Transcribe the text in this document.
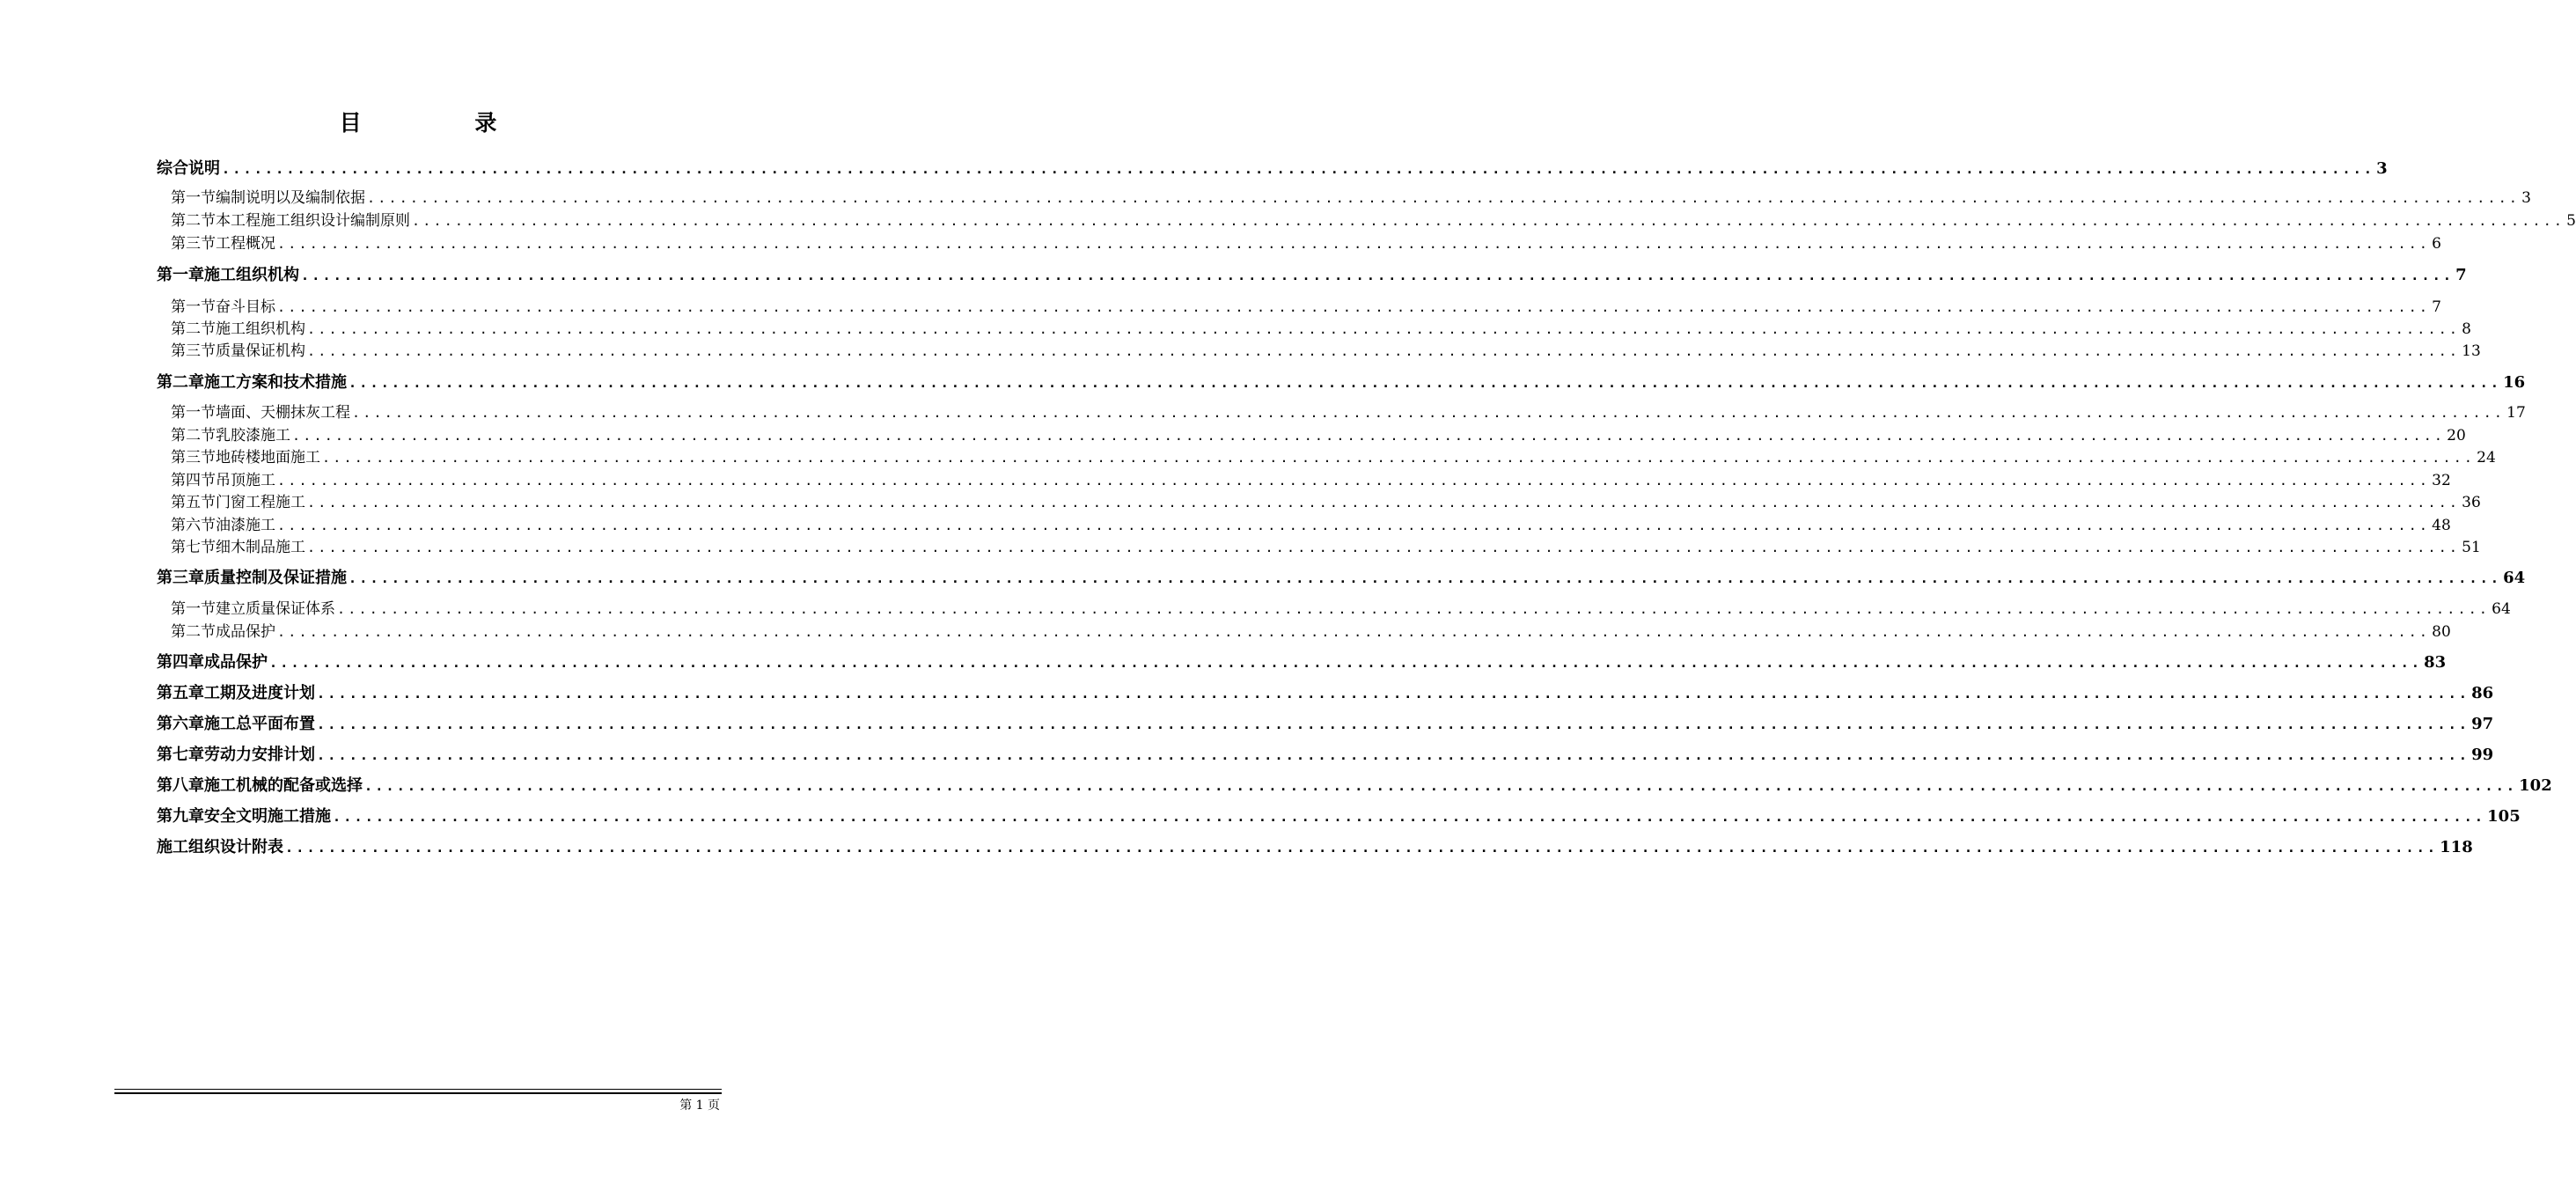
目 录
综合说明 ........................................................................................................................................................................................................ 3
第一节 编制说明以及编制依据 ........................................................................................................................................................................................................ 3
第二节 本工程施工组织设计编制原则 ........................................................................................................................................................................................................ 5
第三节 工程概况 ........................................................................................................................................................................................................ 6
第一章 施工组织机构 ........................................................................................................................................................................................................ 7
第一节 奋斗目标 ........................................................................................................................................................................................................ 7
第二节 施工组织机构 ........................................................................................................................................................................................................ 8
第三节 质量保证机构 ........................................................................................................................................................................................................ 13
第二章 施工方案和技术措施 ........................................................................................................................................................................................................ 16
第一节 墙面、天棚抹灰工程 ........................................................................................................................................................................................................ 17
第二节 乳胶漆施工 ........................................................................................................................................................................................................ 20
第三节 地砖楼地面施工 ........................................................................................................................................................................................................ 24
第四节 吊顶施工 ........................................................................................................................................................................................................ 32
第五节 门窗工程施工 ........................................................................................................................................................................................................ 36
第六节 油漆施工 ........................................................................................................................................................................................................ 48
第七节 细木制品施工 ........................................................................................................................................................................................................ 51
第三章 质量控制及保证措施 ........................................................................................................................................................................................................ 64
第一节 建立质量保证体系 ........................................................................................................................................................................................................ 64
第二节 成品保护 ........................................................................................................................................................................................................ 80
第四章 成品保护 ........................................................................................................................................................................................................ 83
第五章 工期及进度计划 ........................................................................................................................................................................................................ 86
第六章 施工总平面布置 ........................................................................................................................................................................................................ 97
第七章 劳动力安排计划 ........................................................................................................................................................................................................ 99
第八章 施工机械的配备或选择 ........................................................................................................................................................................................................ 102
第九章 安全文明施工措施 ........................................................................................................................................................................................................ 105
施工组织设计附表 ........................................................................................................................................................................................................ 118
第 1 页
